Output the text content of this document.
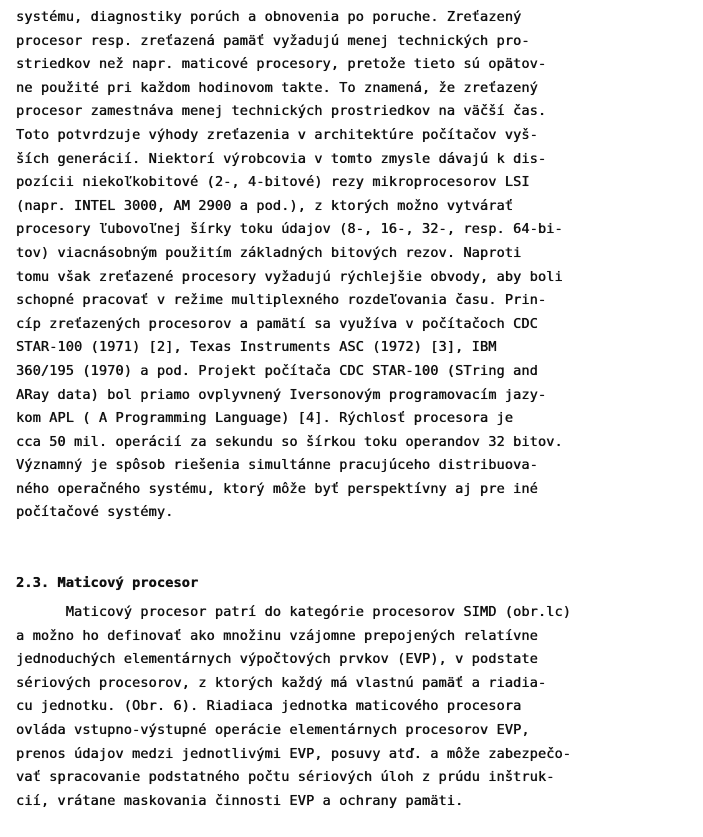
systému, diagnostiky porúch a obnovenia po poruche. Zreťazený
procesor resp. zreťazená pamäť vyžadujú menej technických pro-
striedkov než napr. maticové procesory, pretože tieto sú opätov-
ne použité pri každom hodinovom takte. To znamená, že zreťazený
procesor zamestnáva menej technických prostriedkov na väčší čas.
Toto potvrdzuje výhody zreťazenia v architektúre počítačov vyš-
ších generácií. Niektorí výrobcovia v tomto zmysle dávajú k dis-
pozícii niekoľkobitové (2-, 4-bitové) rezy mikroprocesorov LSI
(napr. INTEL 3000, AM 2900 a pod.), z ktorých možno vytvárať
procesory ľubovoľnej šírky toku údajov (8-, 16-, 32-, resp. 64-bi-
tov) viacnásobným použitím základných bitových rezov. Naproti
tomu však zreťazené procesory vyžadujú rýchlejšie obvody, aby boli
schopné pracovať v režime multiplexného rozdeľovania času. Prin-
cíp zreťazených procesorov a pamätí sa využíva v počítačoch CDC
STAR-100 (1971) [2], Texas Instruments ASC (1972) [3], IBM
360/195 (1970) a pod. Projekt počítača CDC STAR-100 (STring and
ARay data) bol priamo ovplyvnený Iversonovým programovacím jazy-
kom APL ( A Programming Language) [4]. Rýchlosť procesora je
cca 50 mil. operácií za sekundu so šírkou toku operandov 32 bitov.
Významný je spôsob riešenia simultánne pracujúceho distribuova-
ného operačného systému, ktorý môže byť perspektívny aj pre iné
počítačové systémy.
2.3. Maticový procesor
Maticový procesor patrí do kategórie procesorov SIMD (obr.lc)
a možno ho definovať ako množinu vzájomne prepojených relatívne
jednoduchých elementárnych výpočtových prvkov (EVP), v podstate
sériových procesorov, z ktorých každý má vlastnú pamäť a riadia-
cu jednotku. (Obr. 6). Riadiaca jednotka maticového procesora
ovláda vstupno-výstupné operácie elementárnych procesorov EVP,
prenos údajov medzi jednotlivými EVP, posuvy atď. a môže zabezpečo-
vať spracovanie podstatného počtu sériových úloh z prúdu inštruk-
cií, vrátane maskovania činnosti EVP a ochrany pamäti.
